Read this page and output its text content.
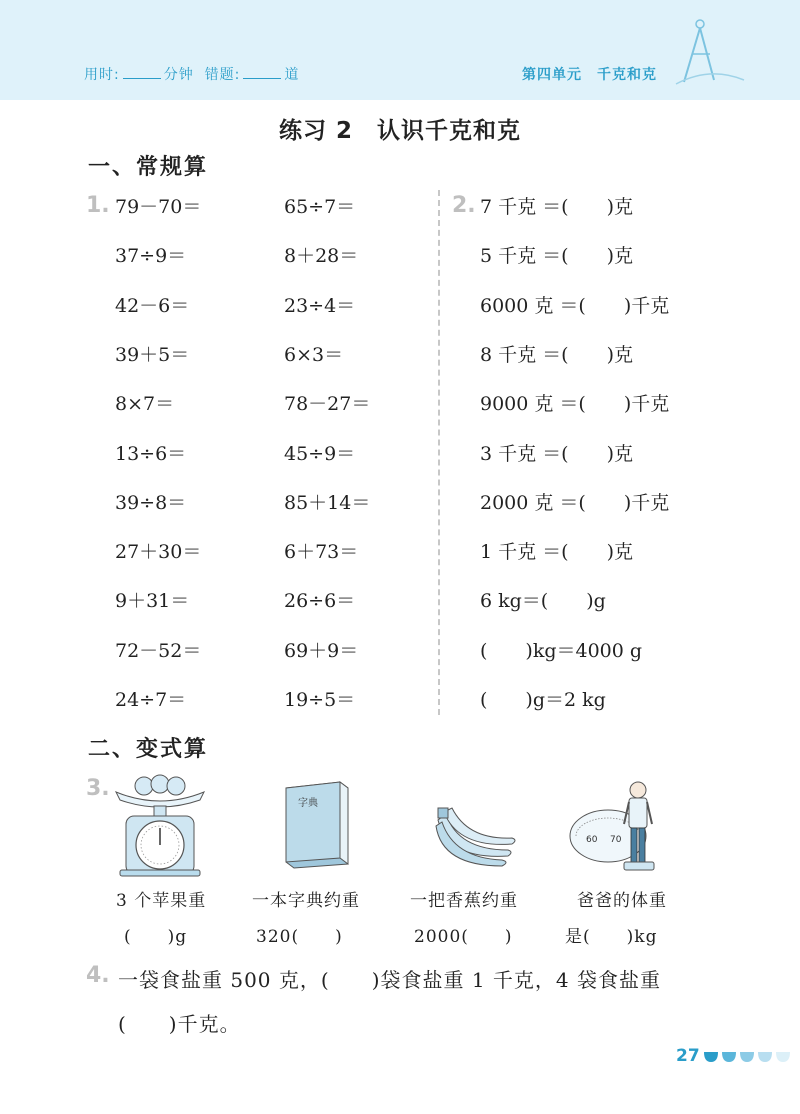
用时:	分钟 错题:	道	第四单元　千克和克
练习 2　认识千克和克
一、常规算
1.	2.
79－70＝
37÷9＝
42－6＝
39＋5＝
8×7＝
13÷6＝
39÷8＝
27＋30＝
9＋31＝
72－52＝
24÷7＝
65÷7＝
8＋28＝
23÷4＝
6×3＝
78－27＝
45÷9＝
85＋14＝
6＋73＝
26÷6＝
69＋9＝
19÷5＝
7 千克 ＝(　　)克
5 千克 ＝(　　)克
6000 克 ＝(　　)千克
8 千克 ＝(　　)克
9000 克 ＝(　　)千克
3 千克 ＝(　　)克
2000 克 ＝(　　)千克
1 千克 ＝(　　)克
6 kg＝(　　)g
(　　)kg＝4000 g
(　　)g＝2 kg
二、变式算
3.
字典
60 70
3 个苹果重
(　　)g
一本字典约重
320(　　)
一把香蕉约重
2000(　　)
爸爸的体重
是(　　)kg
4. 一袋食盐重 500 克，(　　)袋食盐重 1 千克，4 袋食盐重
(　　)千克。
27
